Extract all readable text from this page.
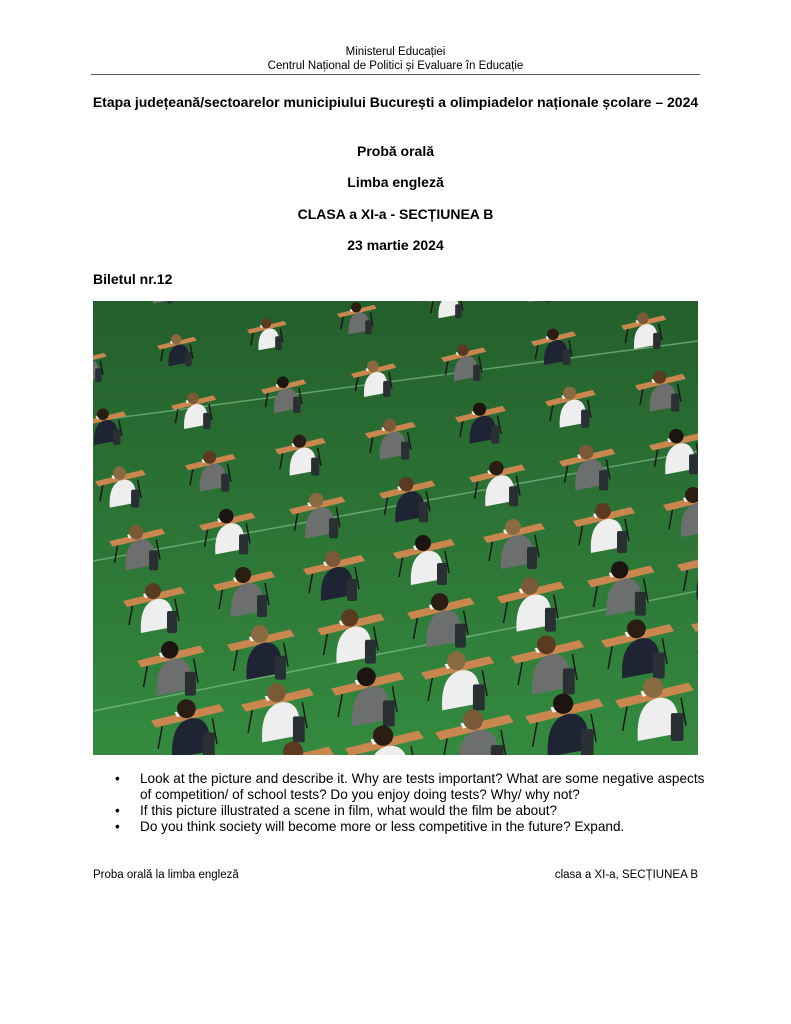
Ministerul Educației
Centrul Național de Politici și Evaluare în Educație
Etapa județeană/sectoarelor municipiului București a olimpiadelor naționale școlare – 2024
Probă orală
Limba engleză
CLASA a XI-a - SECȚIUNEA B
23 martie 2024
Biletul nr.12
• Look at the picture and describe it. Why are tests important? What are some negative aspects of competition/ of school tests? Do you enjoy doing tests? Why/ why not?
• If this picture illustrated a scene in film, what would the film be about?
• Do you think society will become more or less competitive in the future? Expand.
Proba orală la limba engleză	clasa a XI-a, SECȚIUNEA B
